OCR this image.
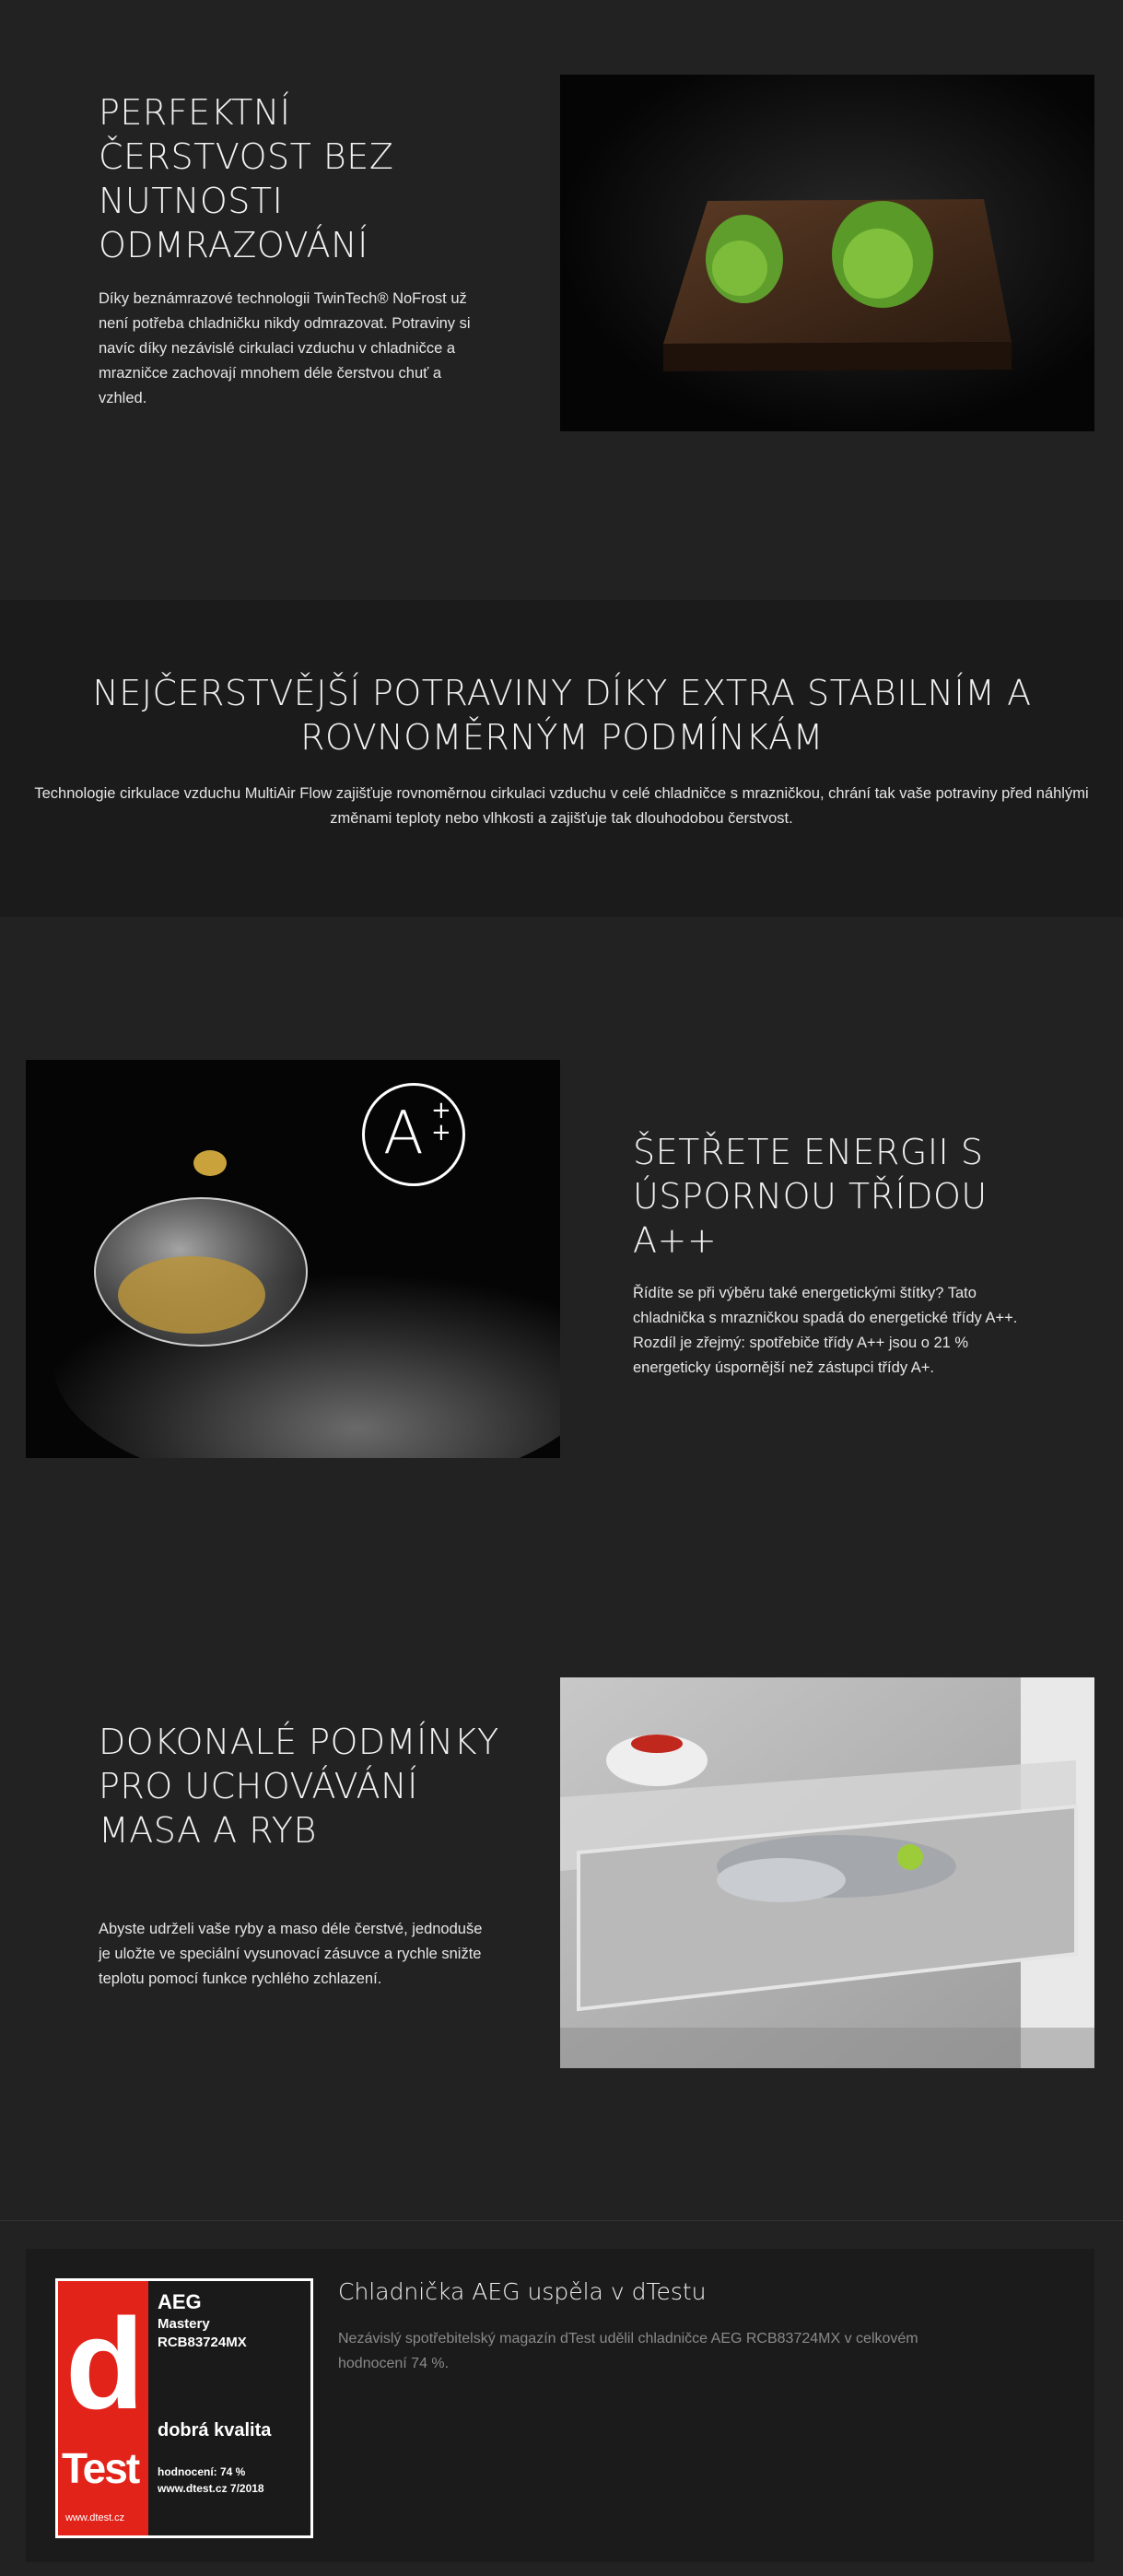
PERFEKTNÍ ČERSTVOST BEZ NUTNOSTI ODMRAZOVÁNÍ

Díky beznámrazové technologii TwinTech® NoFrost už není potřeba chladničku nikdy odmrazovat. Potraviny si navíc díky nezávislé cirkulaci vzduchu v chladničce a mrazničce zachovají mnohem déle čerstvou chuť a vzhled.

NEJČERSTVĚJŠÍ POTRAVINY DÍKY EXTRA STABILNÍM A ROVNOMĚRNÝM PODMÍNKÁM

Technologie cirkulace vzduchu MultiAir Flow zajišťuje rovnoměrnou cirkulaci vzduchu v celé chladničce s mrazničkou, chrání tak vaše potraviny před náhlými změnami teploty nebo vlhkosti a zajišťuje tak dlouhodobou čerstvost.

A +
+	ŠETŘETE ENERGII S ÚSPORNOU TŘÍDOU A++

Řídíte se při výběru také energetickými štítky? Tato chladnička s mrazničkou spadá do energetické třídy A++. Rozdíl je zřejmý: spotřebiče třídy A++ jsou o 21 % energeticky úspornější než zástupci třídy A+.

DOKONALÉ PODMÍNKY PRO UCHOVÁVÁNÍ MASA A RYB

Abyste udrželi vaše ryby a maso déle čerstvé, jednoduše je uložte ve speciální vysunovací zásuvce a rychle snižte teplotu pomocí funkce rychlého zchlazení.

d
Test
www.dtest.cz
AEG
Mastery
RCB83724MX
dobrá kvalita
hodnocení: 74 %
www.dtest.cz 7/2018
Chladnička AEG uspěla v dTestu

Nezávislý spotřebitelský magazín dTest udělil chladničce AEG RCB83724MX v celkovém hodnocení 74 %.
